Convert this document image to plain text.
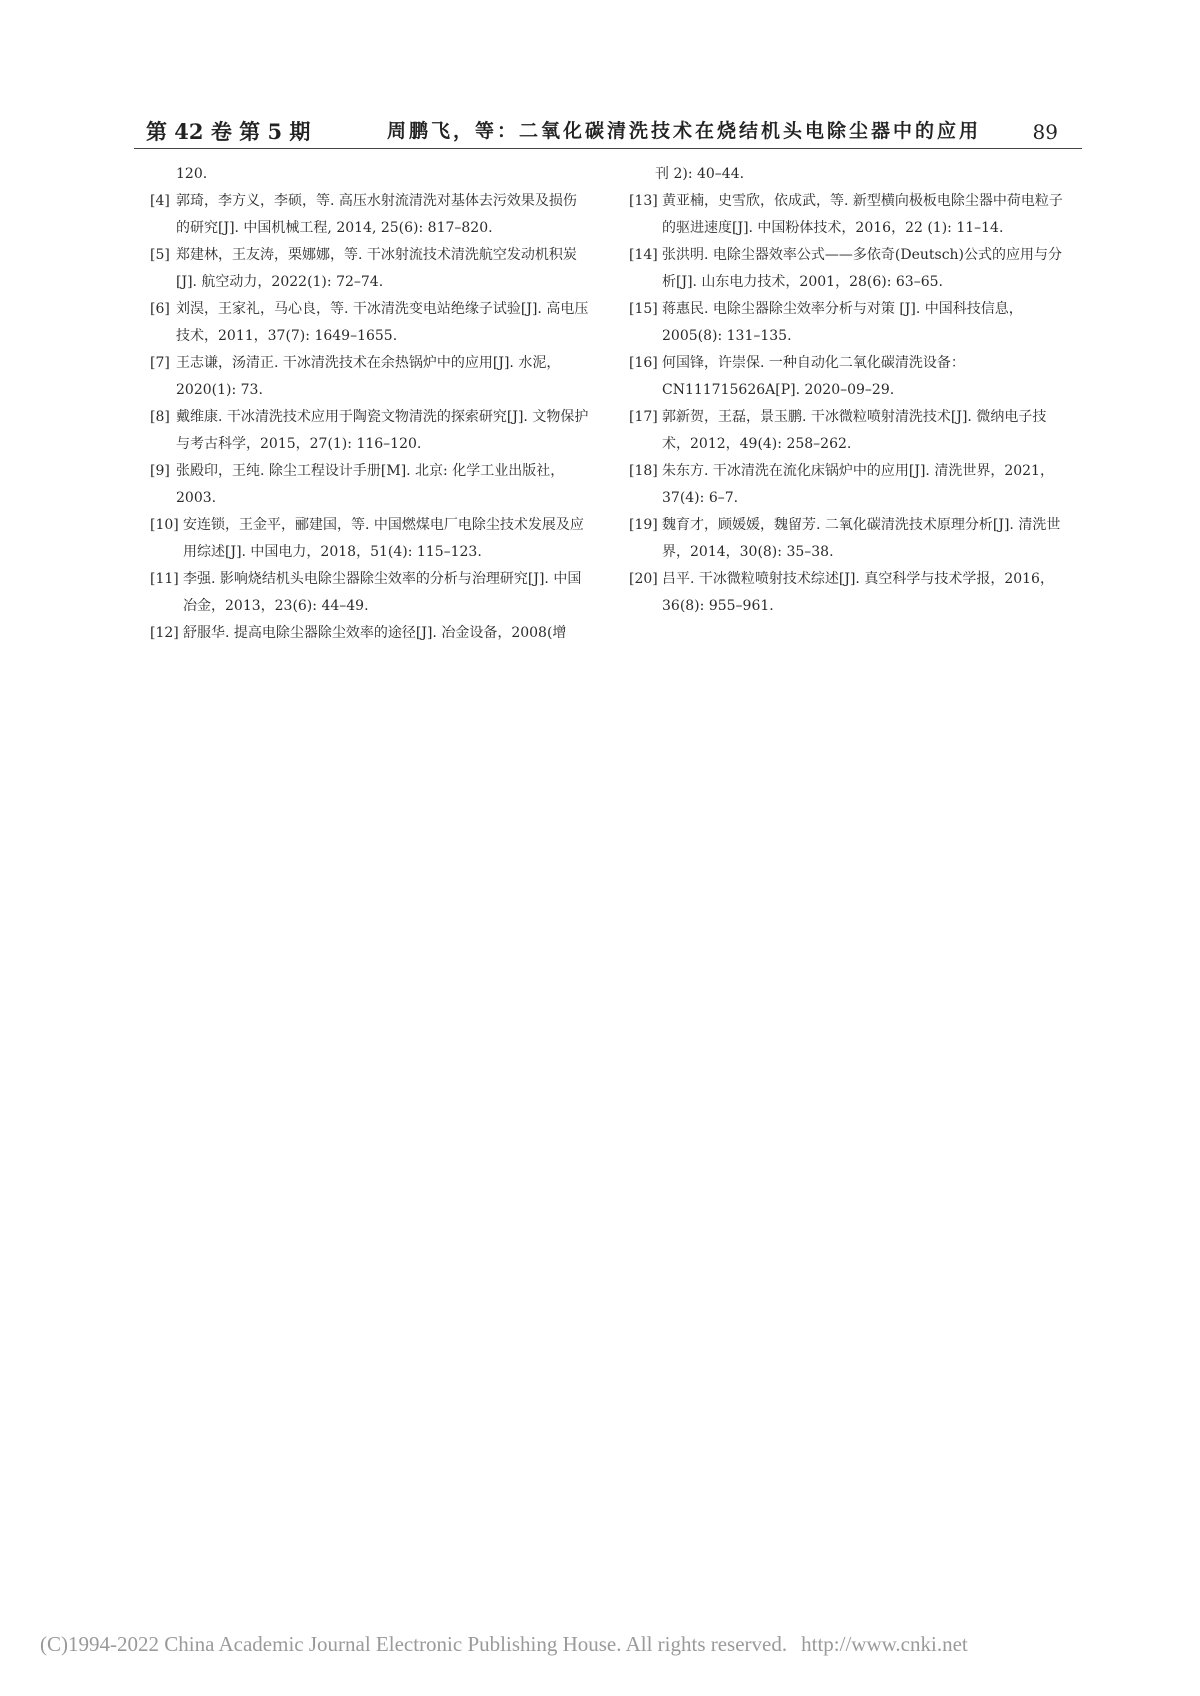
第 42 卷 第 5 期	周鹏飞，等：二氧化碳清洗技术在烧结机头电除尘器中的应用	89
120.
[4] 郭琦，李方义，李硕，等. 高压水射流清洗对基体去污效果及损伤的研究[J]. 中国机械工程, 2014, 25(6): 817–820.
[5] 郑建林，王友涛，栗娜娜，等. 干冰射流技术清洗航空发动机积炭[J]. 航空动力，2022(1): 72–74.
[6] 刘淏，王家礼，马心良，等. 干冰清洗变电站绝缘子试验[J]. 高电压技术，2011，37(7): 1649–1655.
[7] 王志谦，汤清正. 干冰清洗技术在余热锅炉中的应用[J]. 水泥，2020(1): 73.
[8] 戴维康. 干冰清洗技术应用于陶瓷文物清洗的探索研究[J]. 文物保护与考古科学，2015，27(1): 116–120.
[9] 张殿印，王纯. 除尘工程设计手册[M]. 北京: 化学工业出版社，2003.
[10] 安连锁，王金平，郦建国，等. 中国燃煤电厂电除尘技术发展及应用综述[J]. 中国电力，2018，51(4): 115–123.
[11] 李强. 影响烧结机头电除尘器除尘效率的分析与治理研究[J]. 中国冶金，2013，23(6): 44–49.
[12] 舒服华. 提高电除尘器除尘效率的途径[J]. 冶金设备，2008(增
刊 2): 40–44.
[13] 黄亚楠，史雪欣，依成武，等. 新型横向极板电除尘器中荷电粒子的驱进速度[J]. 中国粉体技术，2016，22 (1): 11–14.
[14] 张洪明. 电除尘器效率公式——多依奇(Deutsch)公式的应用与分析[J]. 山东电力技术，2001，28(6): 63–65.
[15] 蒋惠民. 电除尘器除尘效率分析与对策 [J]. 中国科技信息，2005(8): 131–135.
[16] 何国锋，许崇保. 一种自动化二氧化碳清洗设备：CN111715626A[P]. 2020–09–29.
[17] 郭新贺，王磊，景玉鹏. 干冰微粒喷射清洗技术[J]. 微纳电子技术，2012，49(4): 258–262.
[18] 朱东方. 干冰清洗在流化床锅炉中的应用[J]. 清洗世界，2021，37(4): 6–7.
[19] 魏育才，顾媛媛，魏留芳. 二氧化碳清洗技术原理分析[J]. 清洗世界，2014，30(8): 35–38.
[20] 吕平. 干冰微粒喷射技术综述[J]. 真空科学与技术学报，2016，36(8): 955–961.
(C)1994-2022 China Academic Journal Electronic Publishing House. All rights reserved. http://www.cnki.net
